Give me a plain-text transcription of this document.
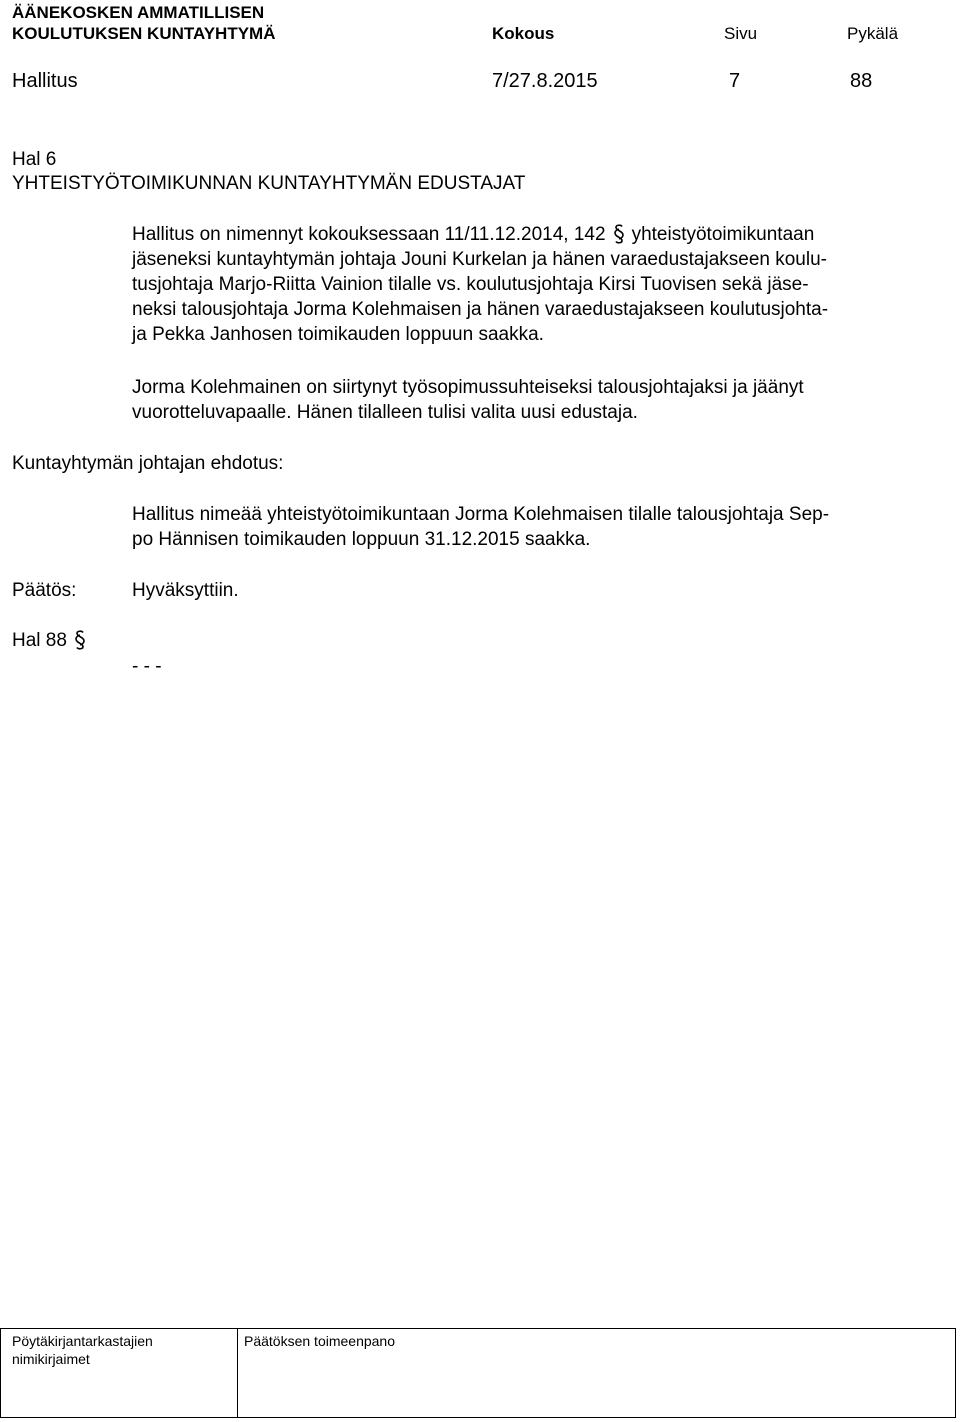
ÄÄNEKOSKEN AMMATILLISEN
KOULUTUKSEN KUNTAYHTYMÄ	Kokous	Sivu	Pykälä
Hallitus	7/27.8.2015	7	88
Hal 6
YHTEISTYÖTOIMIKUNNAN KUNTAYHTYMÄN EDUSTAJAT
Hallitus on nimennyt kokouksessaan 11/11.12.2014, 142 yhteistyötoimikuntaan
jäseneksi kuntayhtymän johtaja Jouni Kurkelan ja hänen varaedustajakseen koulu-
tusjohtaja Marjo-Riitta Vainion tilalle vs. koulutusjohtaja Kirsi Tuovisen sekä jäse-
neksi talousjohtaja Jorma Kolehmaisen ja hänen varaedustajakseen koulutusjohta-
ja Pekka Janhosen toimikauden loppuun saakka.
Jorma Kolehmainen on siirtynyt työsopimussuhteiseksi talousjohtajaksi ja jäänyt
vuorotteluvapaalle. Hänen tilalleen tulisi valita uusi edustaja.
Kuntayhtymän johtajan ehdotus:
Hallitus nimeää yhteistyötoimikuntaan Jorma Kolehmaisen tilalle talousjohtaja Sep-
po Hännisen toimikauden loppuun 31.12.2015 saakka.
Päätös:	Hyväksyttiin.
Hal 88
- - -
Pöytäkirjantarkastajien
nimikirjaimet
Päätöksen toimeenpano
